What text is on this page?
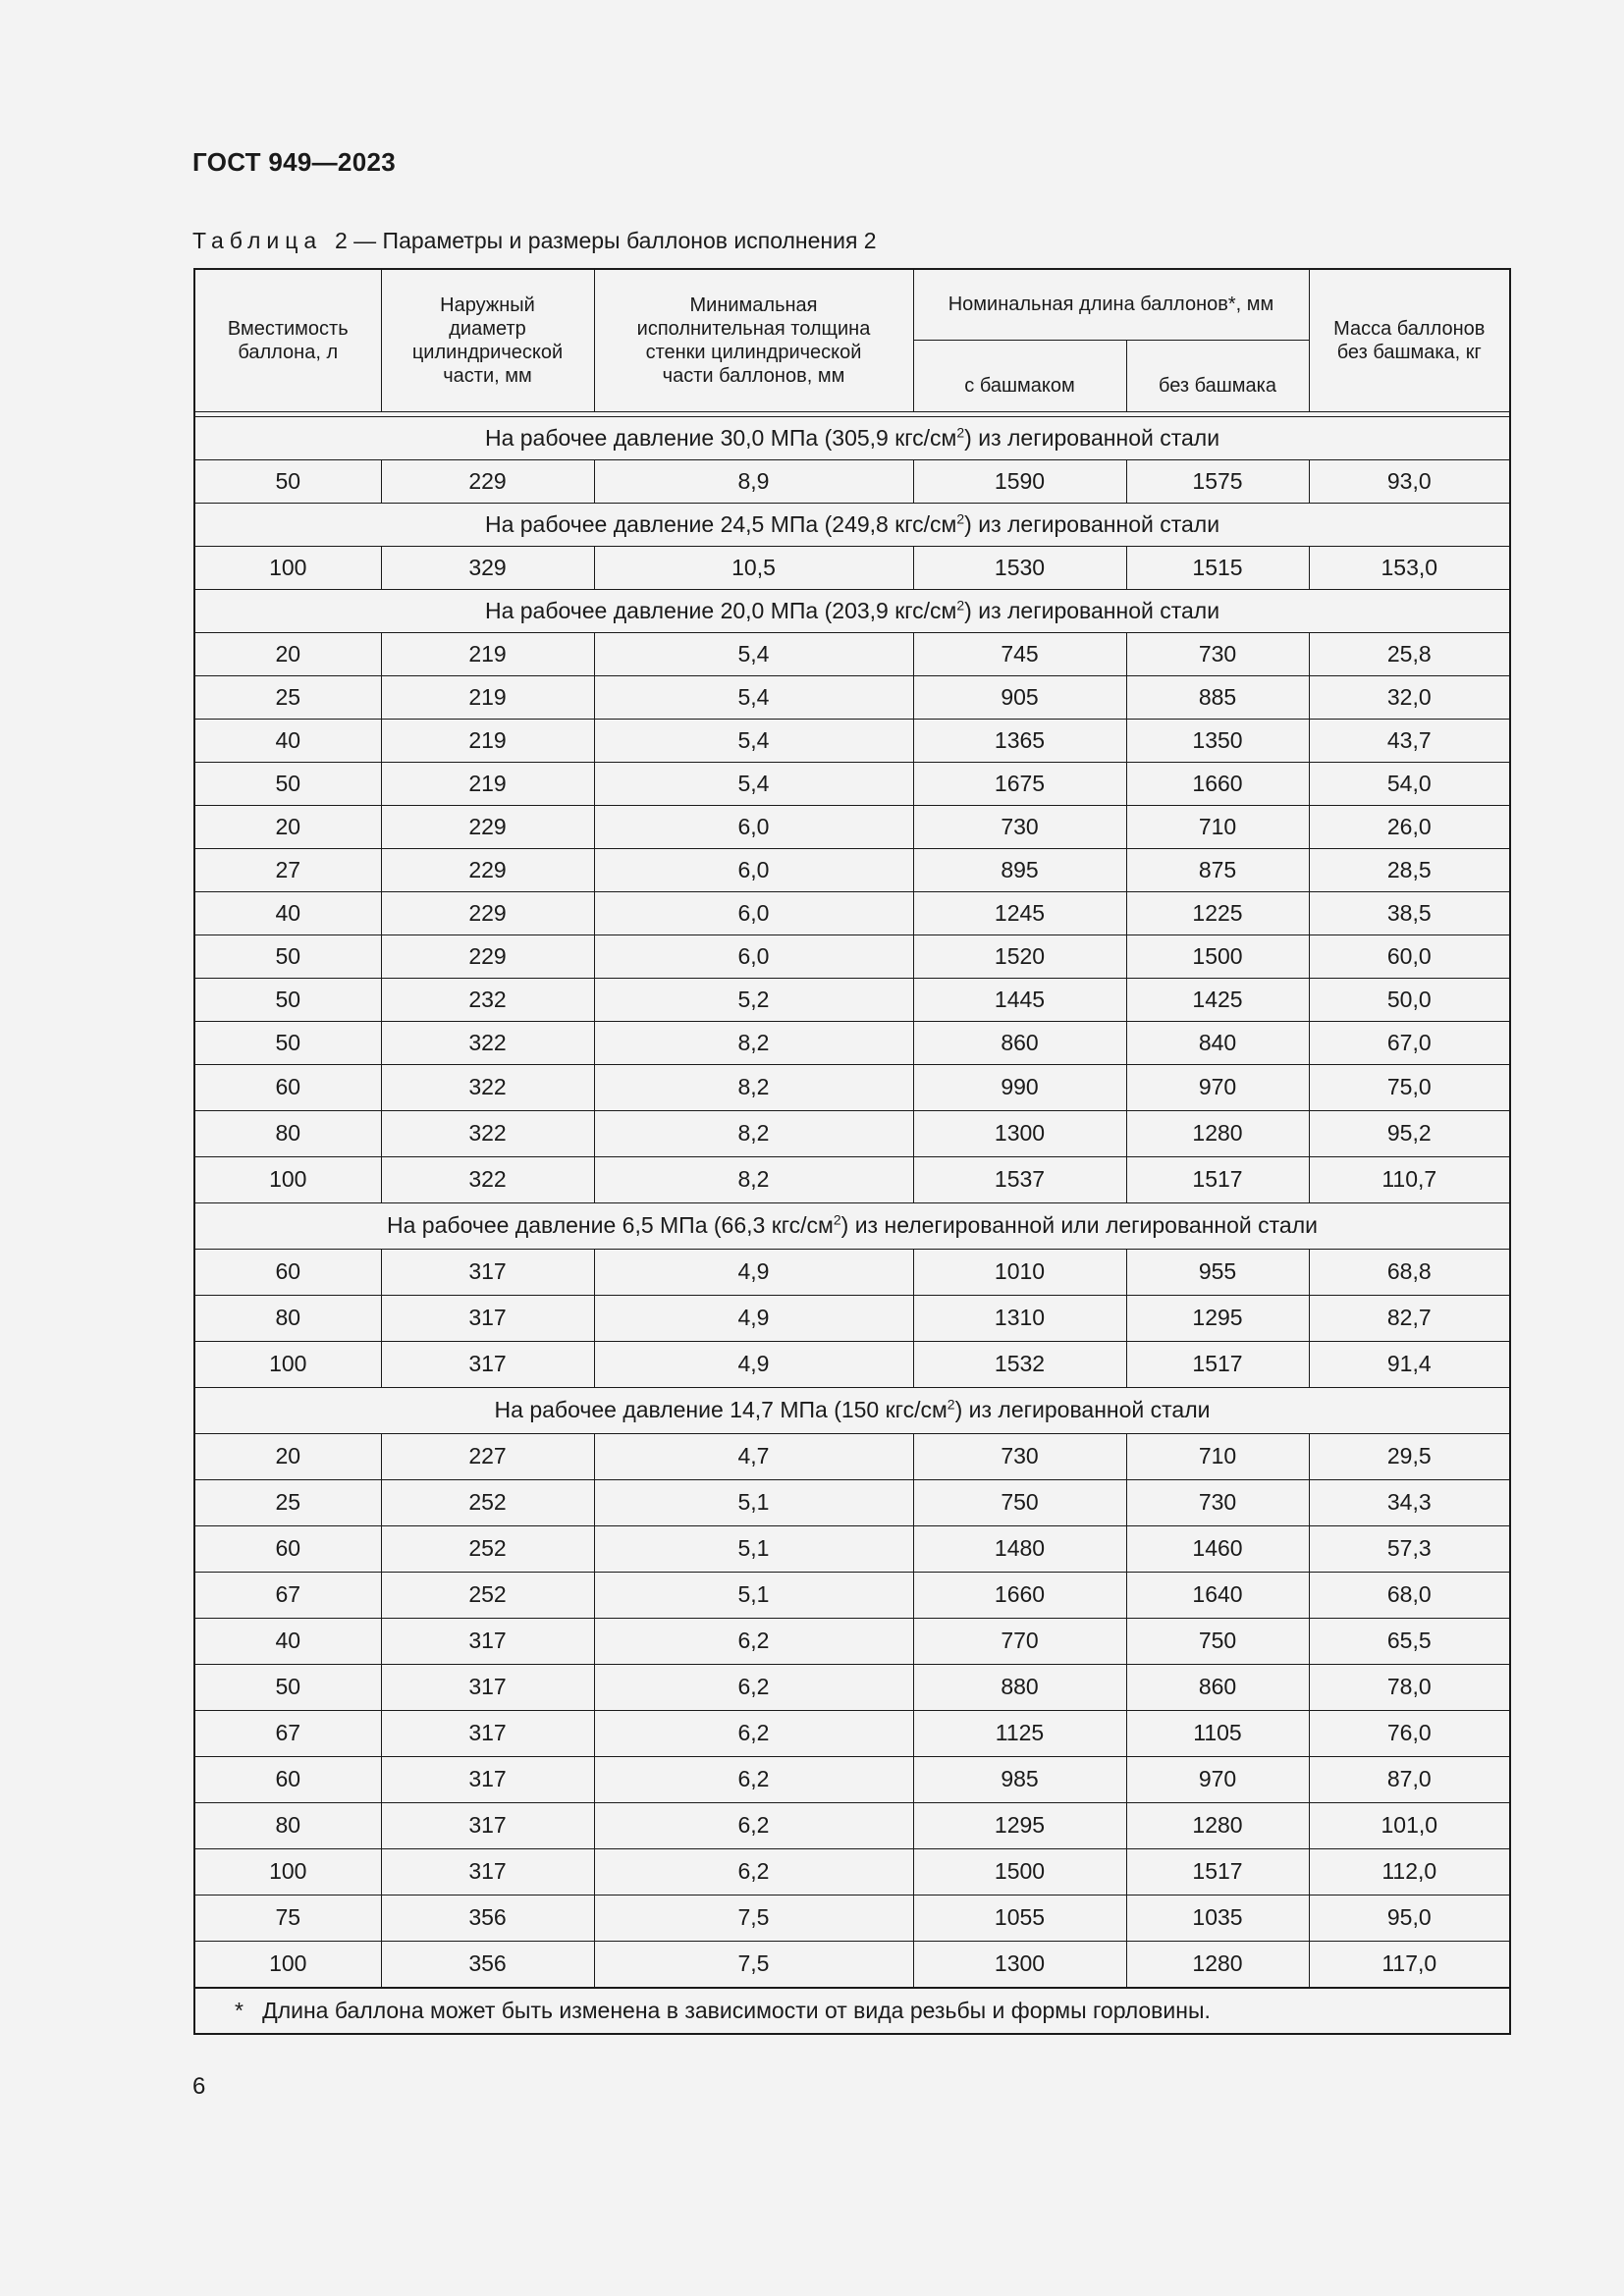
ГОСТ 949—2023
Таблица 2 — Параметры и размеры баллонов исполнения 2
Вместимость баллона, л	Наружный диаметр цилиндрической части, мм	Минимальная исполнительная толщина стенки цилиндрической части баллонов, мм	Номинальная длина баллонов*, мм		Масса баллонов без башмака, кг
			с башмаком	без башмака	

На рабочее давление 30,0 МПа (305,9 кгс/$см^2$) из легированной стали					
50	229	8,9	1590	1575	93,0
На рабочее давление 24,5 МПа (249,8 кгс/$см^2$) из легированной стали					
100	329	10,5	1530	1515	153,0
На рабочее давление 20,0 МПа (203,9 кгс/$см^2$) из легированной стали					
20	219	5,4	745	730	25,8
25	219	5,4	905	885	32,0
40	219	5,4	1365	1350	43,7
50	219	5,4	1675	1660	54,0
20	229	6,0	730	710	26,0
27	229	6,0	895	875	28,5
40	229	6,0	1245	1225	38,5
50	229	6,0	1520	1500	60,0
50	232	5,2	1445	1425	50,0
50	322	8,2	860	840	67,0
60	322	8,2	990	970	75,0
80	322	8,2	1300	1280	95,2
100	322	8,2	1537	1517	110,7
На рабочее давление 6,5 МПа (66,3 кгс/$см^2$) из нелегированной или легированной стали					
60	317	4,9	1010	955	68,8
80	317	4,9	1310	1295	82,7
100	317	4,9	1532	1517	91,4
На рабочее давление 14,7 МПа (150 кгс/$см^2$) из легированной стали					
20	227	4,7	730	710	29,5
25	252	5,1	750	730	34,3
60	252	5,1	1480	1460	57,3
67	252	5,1	1660	1640	68,0
40	317	6,2	770	750	65,5
50	317	6,2	880	860	78,0
67	317	6,2	1125	1105	76,0
60	317	6,2	985	970	87,0
80	317	6,2	1295	1280	101,0
100	317	6,2	1500	1517	112,0
75	356	7,5	1055	1035	95,0
100	356	7,5	1300	1280	117,0
*   Длина баллона может быть изменена в зависимости от вида резьбы и формы горловины.					
6
